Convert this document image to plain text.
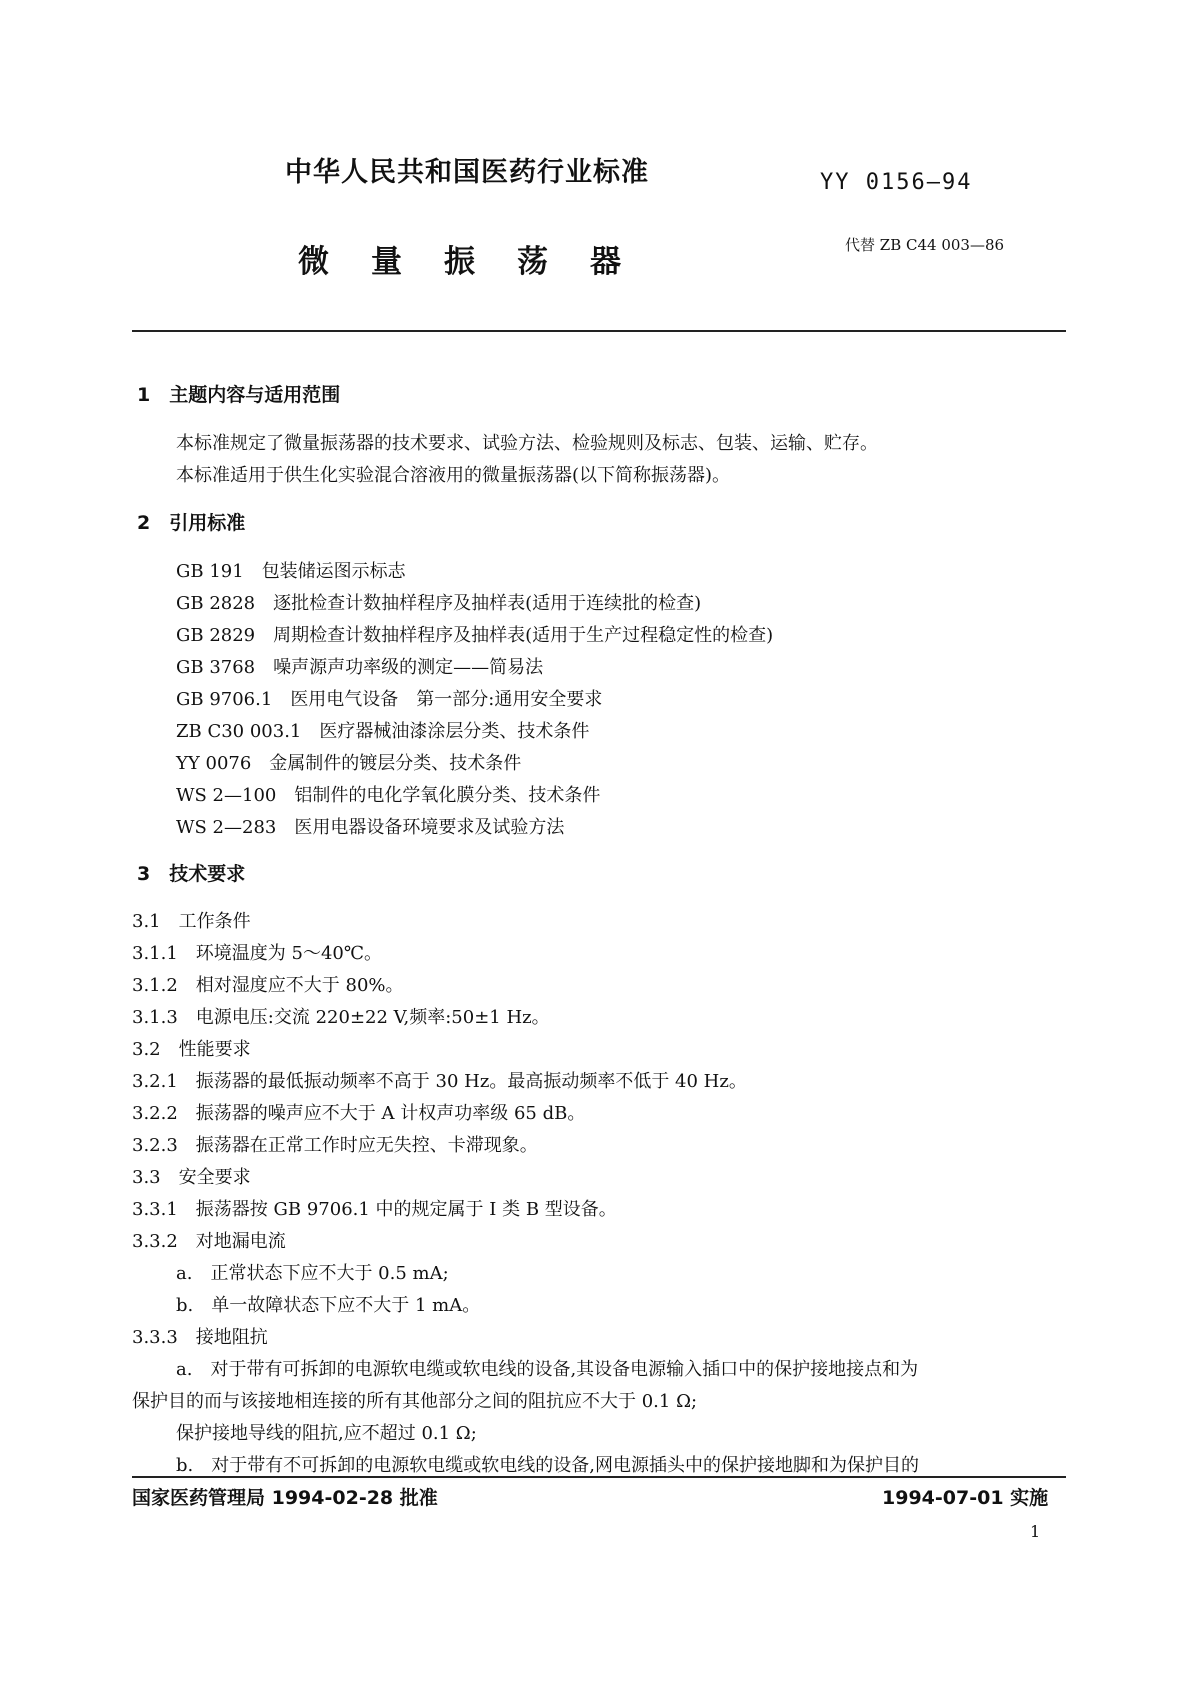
中华人民共和国医药行业标准	YY 0156—94
微量振荡器	代替 ZB C44 003—86
1　主题内容与适用范围
本标准规定了微量振荡器的技术要求、试验方法、检验规则及标志、包装、运输、贮存。
本标准适用于供生化实验混合溶液用的微量振荡器(以下简称振荡器)。
2　引用标准
GB 191　 包装储运图示标志
GB 2828　 逐批检查计数抽样程序及抽样表(适用于连续批的检查)
GB 2829　 周期检查计数抽样程序及抽样表(适用于生产过程稳定性的检查)
GB 3768　 噪声源声功率级的测定——简易法
GB 9706.1　 医用电气设备　第一部分:通用安全要求
ZB C30 003.1　 医疗器械油漆涂层分类、技术条件
YY 0076　 金属制件的镀层分类、技术条件
WS 2—100　 铝制件的电化学氧化膜分类、技术条件
WS 2—283　 医用电器设备环境要求及试验方法
3　技术要求
3.1　工作条件
3.1.1　环境温度为 5～40℃。
3.1.2　相对湿度应不大于 80%。
3.1.3　电源电压:交流 220±22 V,频率:50±1 Hz。
3.2　性能要求
3.2.1　振荡器的最低振动频率不高于 30 Hz。最高振动频率不低于 40 Hz。
3.2.2　振荡器的噪声应不大于 A 计权声功率级 65 dB。
3.2.3　振荡器在正常工作时应无失控、卡滞现象。
3.3　安全要求
3.3.1　振荡器按 GB 9706.1 中的规定属于 I 类 B 型设备。
3.3.2　对地漏电流
a.　正常状态下应不大于 0.5 mA;
b.　单一故障状态下应不大于 1 mA。
3.3.3　接地阻抗
a.　对于带有可拆卸的电源软电缆或软电线的设备,其设备电源输入插口中的保护接地接点和为
保护目的而与该接地相连接的所有其他部分之间的阻抗应不大于 0.1 Ω;
保护接地导线的阻抗,应不超过 0.1 Ω;
b.　对于带有不可拆卸的电源软电缆或软电线的设备,网电源插头中的保护接地脚和为保护目的
国家医药管理局 1994-02-28 批准	1994-07-01 实施
1
